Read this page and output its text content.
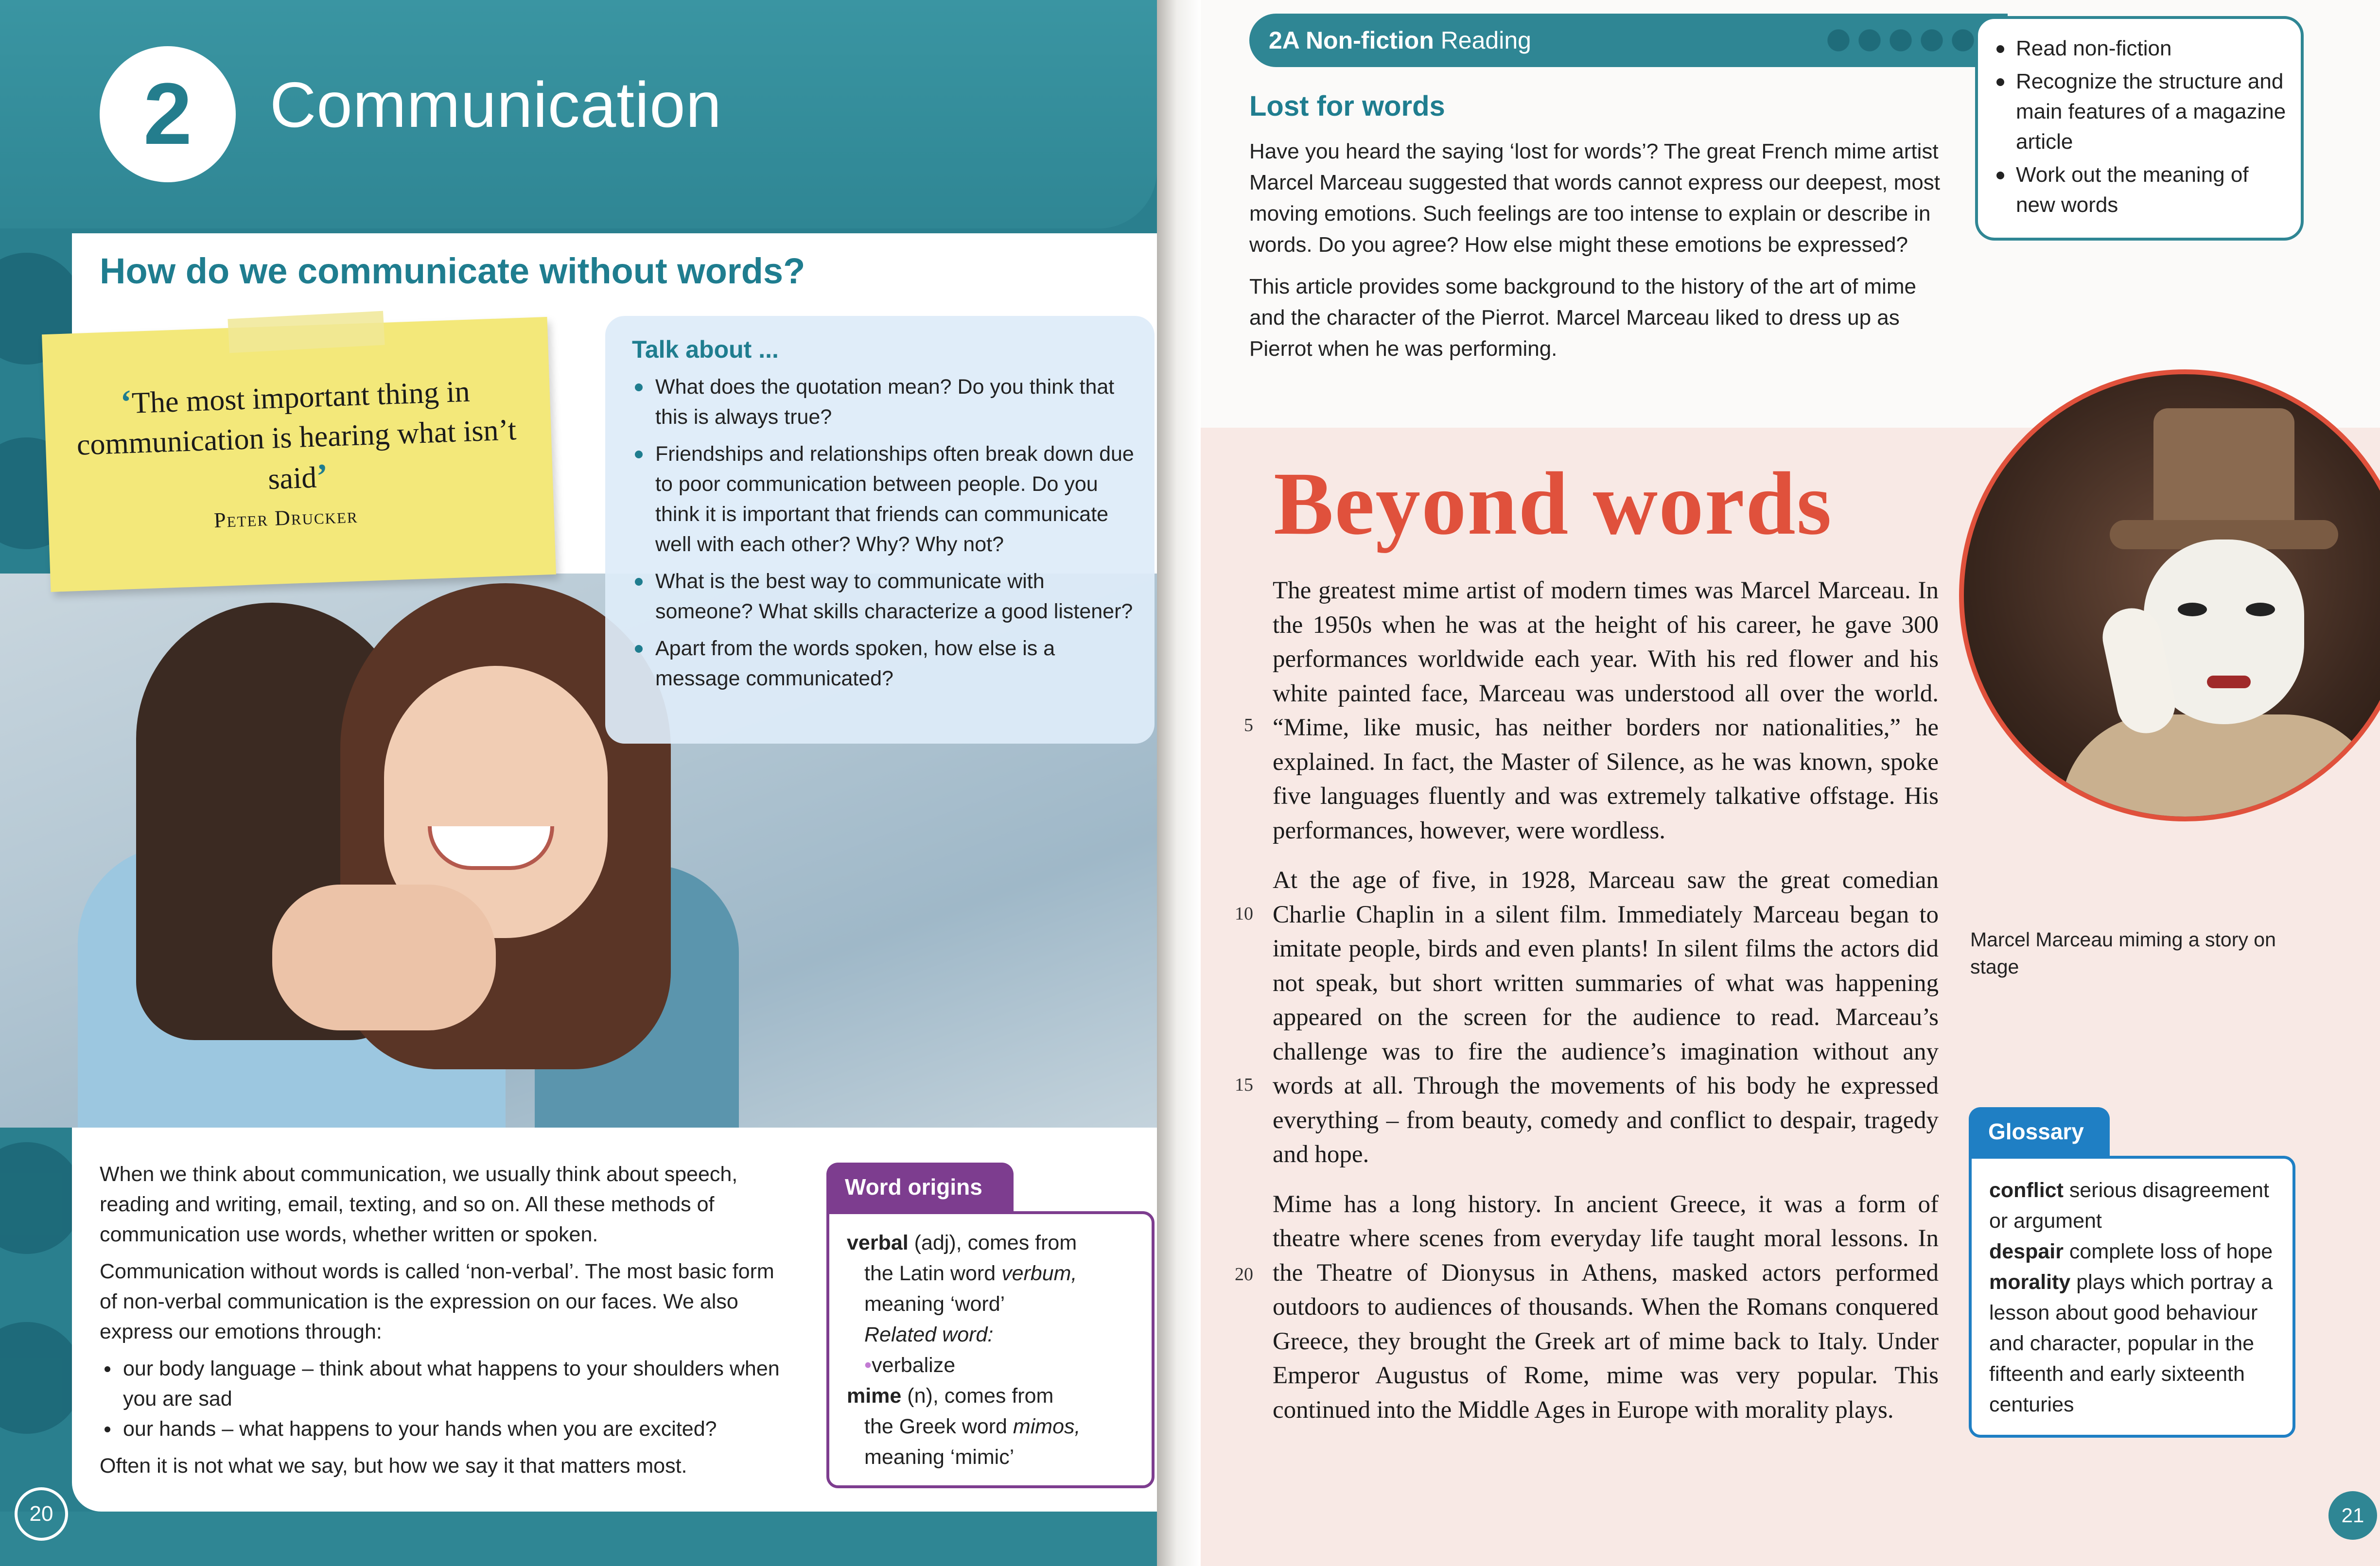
2	Communication
How do we communicate without words?
‘The most important thing in communication is hearing what isn’t said’
Peter Drucker
Talk about ...
What does the quotation mean? Do you think that this is always true?
Friendships and relationships often break down due to poor communication between people. Do you think it is important that friends can communicate well with each other? Why? Why not?
What is the best way to communicate with someone? What skills characterize a good listener?
Apart from the words spoken, how else is a message communicated?

When we think about communication, we usually think about speech, reading and writing, email, texting, and so on. All these methods of communication use words, whether written or spoken.

Communication without words is called ‘non-verbal’. The most basic form of non-verbal communication is the expression on our faces. We also express our emotions through:

our body language – think about what happens to your shoulders when you are sad
our hands – what happens to your hands when you are excited?

Often it is not what we say, but how we say it that matters most.

Word origins
verbal (adj), comes from
the Latin word verbum,
meaning ‘word’
Related word:
•verbalize
mime (n), comes from
the Greek word mimos,
meaning ‘mimic’
20
2A Non-fiction Reading	Read non-fiction
Recognize the structure and main features of a magazine article
Work out the meaning of new words
Lost for words

Have you heard the saying ‘lost for words’? The great French mime artist Marcel Marceau suggested that words cannot express our deepest, most moving emotions. Such feelings are too intense to explain or describe in words. Do you agree? How else might these emotions be expressed?

This article provides some background to the history of the art of mime and the character of the Pierrot. Marcel Marceau liked to dress up as Pierrot when he was performing.

Beyond words

The greatest mime artist of modern times was Marcel Marceau. In the 1950s when he was at the height of his career, he gave 300 performances worldwide each year. With his red flower and his white painted face, Marceau was understood all over the world. “Mime, like music, has neither borders nor nationalities,” he explained. In fact, the Master of Silence, as he was known, spoke five languages fluently and was extremely talkative offstage. His performances, however, were wordless.

At the age of five, in 1928, Marceau saw the great comedian Charlie Chaplin in a silent film. Immediately Marceau began to imitate people, birds and even plants! In silent films the actors did not speak, but short written summaries of what was happening appeared on the screen for the audience to read. Marceau’s challenge was to fire the audience’s imagination without any words at all. Through the movements of his body he expressed everything – from beauty, comedy and conflict to despair, tragedy and hope.

Mime has a long history. In ancient Greece, it was a form of theatre where scenes from everyday life taught moral lessons. In the Theatre of Dionysus in Athens, masked actors performed outdoors to audiences of thousands. When the Romans conquered Greece, they brought the Greek art of mime back to Italy. Under Emperor Augustus of Rome, mime was very popular. This continued into the Middle Ages in Europe with morality plays.

5
10
15
20
Marcel Marceau miming a story on stage
Glossary
conflict serious disagreement or argument
despair complete loss of hope
morality plays which portray a lesson about good behaviour and character, popular in the fifteenth and early sixteenth centuries
21
